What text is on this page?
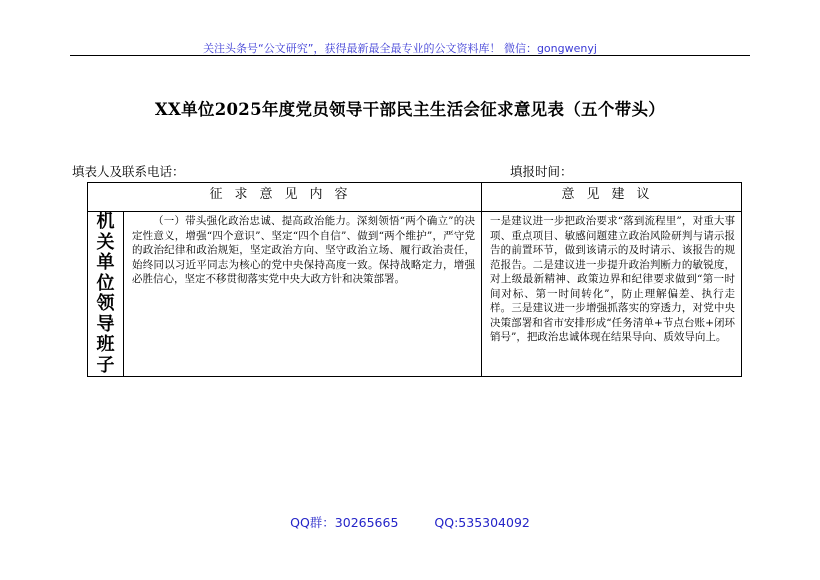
关注头条号“公文研究”，获得最新最全最专业的公文资料库！ 微信：gongwenyj
XX单位2025年度党员领导干部民主生活会征求意见表（五个带头）
填表人及联系电话：	填报时间：
征求意见内容		意见建议
机关单位领导班子	（一）带头强化政治忠诚、提高政治能力。深刻领悟“两个确立”的决定性意义，增强“四个意识”、坚定“四个自信”、做到“两个维护”，严守党的政治纪律和政治规矩，坚定政治方向、坚守政治立场、履行政治责任，始终同以习近平同志为核心的党中央保持高度一致。保持战略定力，增强必胜信心，坚定不移贯彻落实党中央大政方针和决策部署。	一是建议进一步把政治要求“落到流程里”，对重大事项、重点项目、敏感问题建立政治风险研判与请示报告的前置环节，做到该请示的及时请示、该报告的规范报告。二是建议进一步提升政治判断力的敏锐度，对上级最新精神、政策边界和纪律要求做到“第一时间对标、第一时间转化”，防止理解偏差、执行走样。三是建议进一步增强抓落实的穿透力，对党中央决策部署和省市安排形成“任务清单+节点台账+闭环销号”，把政治忠诚体现在结果导向、质效导向上。
QQ群：30265665	QQ:535304092
